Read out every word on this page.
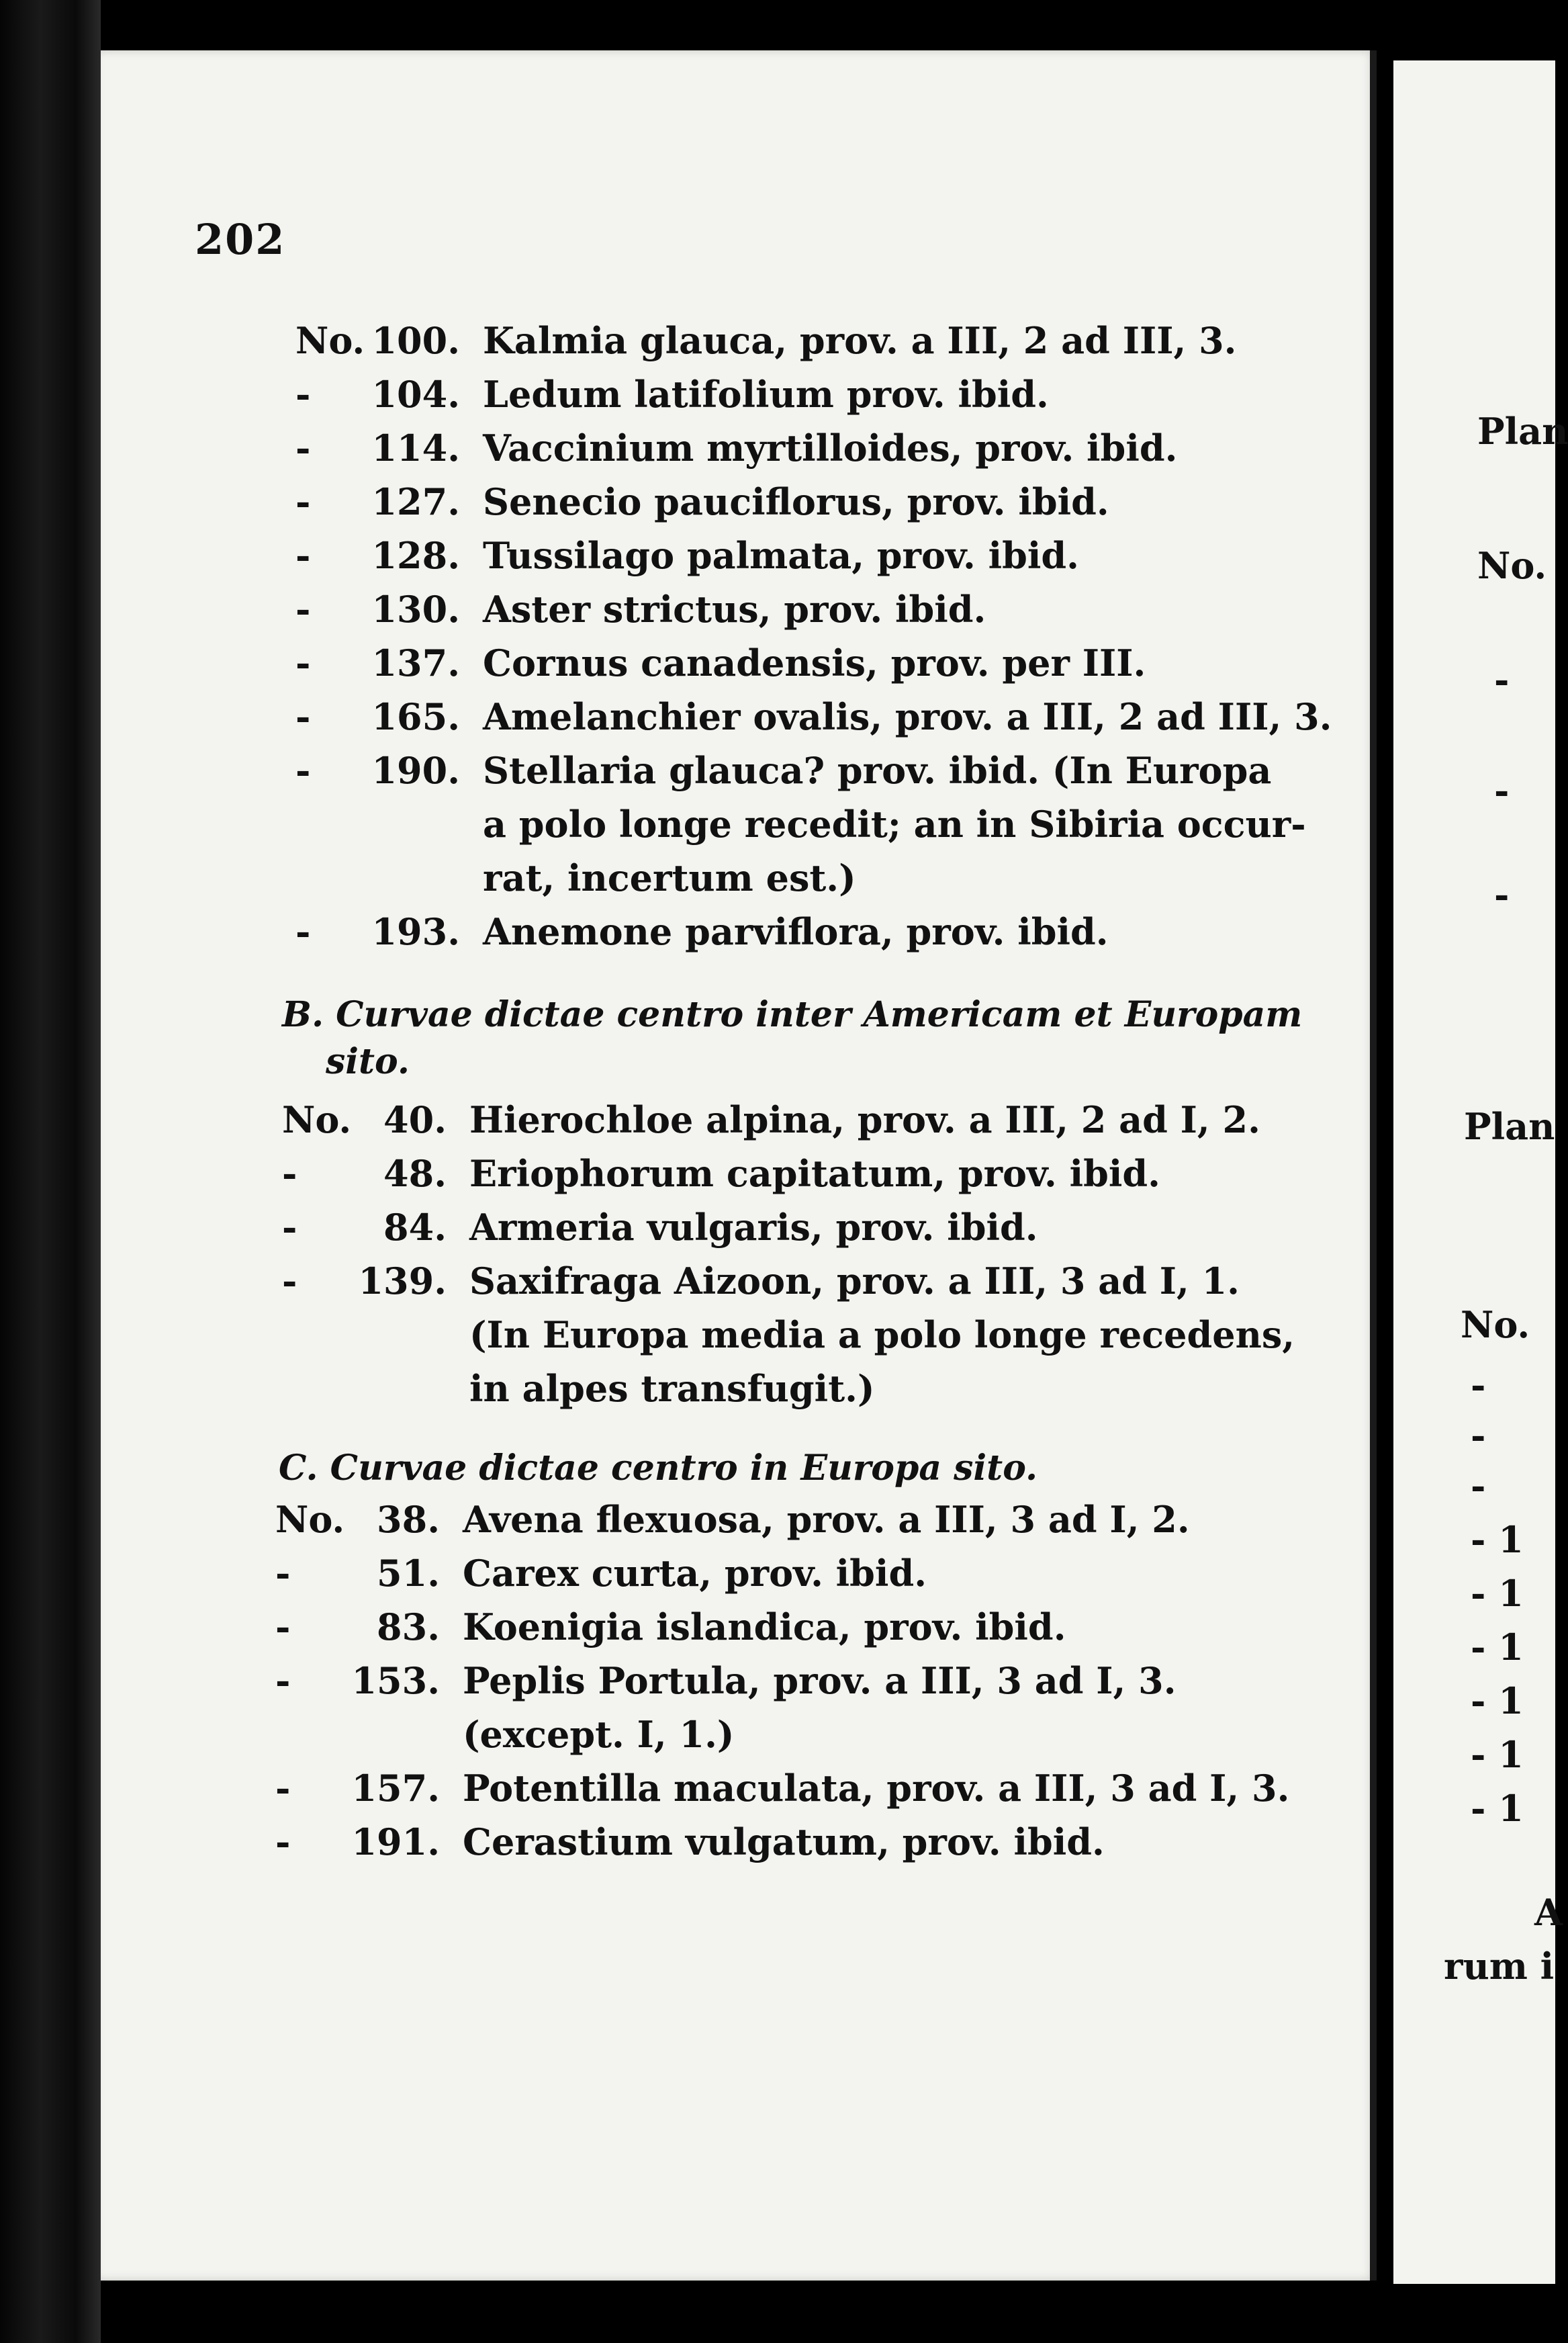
202
No. 100. Kalmia glauca, prov. a III, 2 ad III, 3.
- 104. Ledum latifolium prov. ibid.
- 114. Vaccinium myrtilloides, prov. ibid.
- 127. Senecio pauciflorus, prov. ibid.
- 128. Tussilago palmata, prov. ibid.
- 130. Aster strictus, prov. ibid.
- 137. Cornus canadensis, prov. per III.
- 165. Amelanchier ovalis, prov. a III, 2 ad III, 3.
- 190. Stellaria glauca? prov. ibid. (In Europa
a polo longe recedit; an in Sibiria occur-
rat, incertum est.)
- 193. Anemone parviflora, prov. ibid.
B. Curvae dictae centro inter Americam et Europam
sito.
No. 40. Hierochloe alpina, prov. a III, 2 ad I, 2.
- 48. Eriophorum capitatum, prov. ibid.
- 84. Armeria vulgaris, prov. ibid.
- 139. Saxifraga Aizoon, prov. a III, 3 ad I, 1.
(In Europa media a polo longe recedens,
in alpes transfugit.)
C. Curvae dictae centro in Europa sito.
No. 38. Avena flexuosa, prov. a III, 3 ad I, 2.
- 51. Carex curta, prov. ibid.
- 83. Koenigia islandica, prov. ibid.
- 153. Peplis Portula, prov. a III, 3 ad I, 3.
(except. I, 1.)
- 157. Potentilla maculata, prov. a III, 3 ad I, 3.
- 191. Cerastium vulgatum, prov. ibid.
Plan
No.
-
-
-
Plan
No.
-
-
-
- 1
- 1
- 1
- 1
- 1
- 1
A
rum i
